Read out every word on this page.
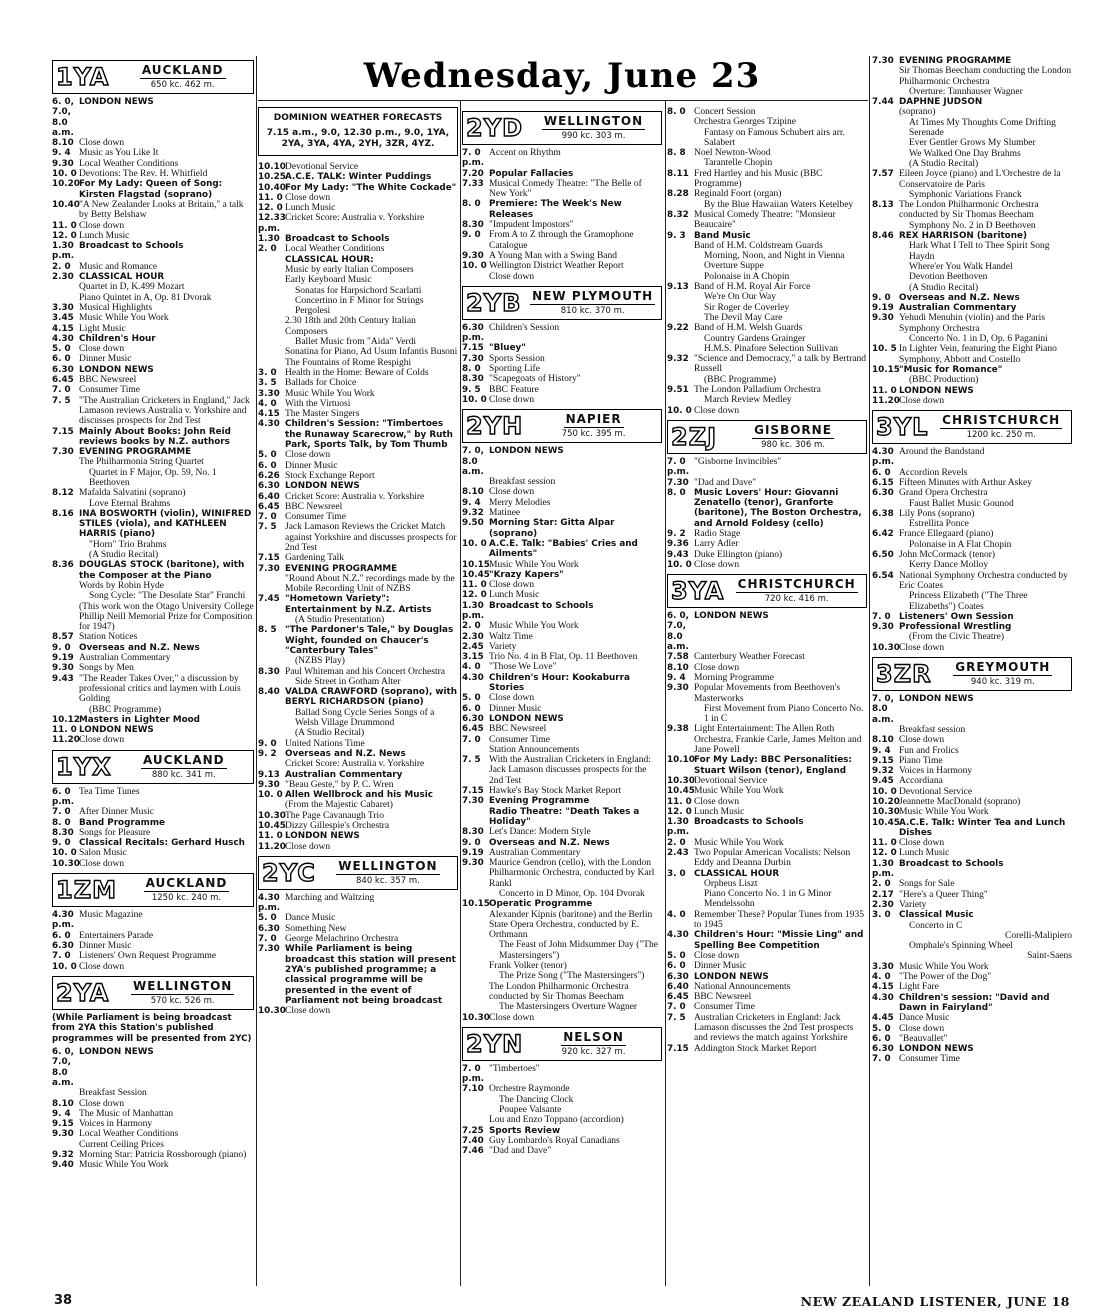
Wednesday, June 23
1YA	AUCKLAND
650 kc. 462 m.
6. 0, 7.0, 8.0 a.m.
LONDON NEWS
8.10 Close down
9. 4 Music as You Like It
9.30 Local Weather Conditions
10. 0 Devotions: The Rev. H. Whitfield
10.20 For My Lady: Queen of Song: Kirsten Flagstad (soprano)
10.40 "A New Zealander Looks at Britain," a talk by Betty Belshaw
11. 0 Close down
12. 0 Lunch Music
1.30 p.m.
Broadcast to Schools
2. 0 Music and Romance
2.30 CLASSICAL HOUR
Quartet in D, K.499 Mozart
Piano Quintet in A, Op. 81 Dvorak
3.30 Musical Highlights
3.45 Music While You Work
4.15 Light Music
4.30 Children's Hour
5. 0 Close down
6. 0 Dinner Music
6.30 LONDON NEWS
6.45 BBC Newsreel
7. 0 Consumer Time
7. 5 "The Australian Cricketers in England," Jack Lamason reviews Australia v. Yorkshire and discusses prospects for 2nd Test
7.15 Mainly About Books: John Reid reviews books by N.Z. authors
7.30 EVENING PROGRAMME
The Philharmonia String Quartet
Quartet in F Major, Op. 59, No. 1 Beethoven
8.12 Mafalda Salvatini (soprano)
Love Eternal Brahms
8.16 INA BOSWORTH (violin), WINIFRED STILES (viola), and KATHLEEN HARRIS (piano)
"Horn" Trio Brahms
(A Studio Recital)
8.36 DOUGLAS STOCK (baritone), with the Composer at the Piano
Words by Robin Hyde
Song Cycle: "The Desolate Star" Franchi
(This work won the Otago University College Phillip Neill Memorial Prize for Composition for 1947)
8.57 Station Notices
9. 0 Overseas and N.Z. News
9.19 Australian Commentary
9.30 Songs by Men
9.43 "The Reader Takes Over," a discussion by professional critics and laymen with Louis Golding
(BBC Programme)
10.12 Masters in Lighter Mood
11. 0 LONDON NEWS
11.20 Close down
1YX	AUCKLAND
880 kc. 341 m.
6. 0 p.m.
Tea Time Tunes
7. 0 After Dinner Music
8. 0 Band Programme
8.30 Songs for Pleasure
9. 0 Classical Recitals: Gerhard Husch
10. 0 Salon Music
10.30 Close down
1ZM AUCKLAND
1250 kc. 240 m.
4.30 p.m.
Music Magazine
6. 0 Entertainers Parade
6.30 Dinner Music
7. 0 Listeners' Own Request Programme
10. 0 Close down
2YA WELLINGTON
570 kc. 526 m.
(While Parliament is being broadcast from 2YA this Station's published programmes will be presented from 2YC)
6. 0, 7.0, 8.0 a.m.
LONDON NEWS
Breakfast Session
8.10 Close down
9. 4 The Music of Manhattan
9.15 Voices in Harmony
9.30 Local Weather Conditions
Current Ceiling Prices
9.32 Morning Star: Patricia Rossborough (piano)
9.40 Music While You Work
DOMINION WEATHER FORECASTS
7.15 a.m., 9.0, 12.30 p.m., 9.0, 1YA, 2YA, 3YA, 4YA, 2YH, 3ZR, 4YZ.
10.10 Devotional Service
10.25 A.C.E. TALK: Winter Puddings
10.40 For My Lady: "The White Cockade"
11. 0 Close down
12. 0 Lunch Music
12.33 p.m.
Cricket Score: Australia v. Yorkshire
1.30 Broadcast to Schools
2. 0 Local Weather Conditions
CLASSICAL HOUR:
Music by early Italian Composers
Early Keyboard Music
Sonatas for Harpsichord Scarlatti
Concertino in F Minor for Strings Pergolesi
2.30 18th and 20th Century Italian Composers
Ballet Music from "Aida" Verdi
Sonatina for Piano, Ad Usum Infantis Busoni
The Fountains of Rome Respighi
3. 0 Health in the Home: Beware of Colds
3. 5 Ballads for Choice
3.30 Music While You Work
4. 0 With the Virtuosi
4.15 The Master Singers
4.30 Children's Session: "Timbertoes the Runaway Scarecrow," by Ruth Park, Sports Talk, by Tom Thumb
5. 0 Close down
6. 0 Dinner Music
6.26 Stock Exchange Report
6.30 LONDON NEWS
6.40 Cricket Score: Australia v. Yorkshire
6.45 BBC Newsreel
7. 0 Consumer Time
7. 5 Jack Lamason Reviews the Cricket Match against Yorkshire and discusses prospects for 2nd Test
7.15 Gardening Talk
7.30 EVENING PROGRAMME
"Round About N.Z." recordings made by the Mobile Recording Unit of NZBS
7.45 "Hometown Variety": Entertainment by N.Z. Artists
(A Studio Presentation)
8. 5 "The Pardoner's Tale," by Douglas Wight, founded on Chaucer's "Canterbury Tales"
(NZBS Play)
8.30 Paul Whiteman and his Concert Orchestra
Side Street in Gotham Alter
8.40 VALDA CRAWFORD (soprano), with BERYL RICHARDSON (piano)
Ballad Song Cycle Series Songs of a Welsh Village Drummond
(A Studio Recital)
9. 0 United Nations Time
9. 2 Overseas and N.Z. News
Cricket Score: Australia v. Yorkshire
9.13 Australian Commentary
9.30 "Beau Geste," by P. C. Wren
10. 0 Allen Wellbrock and his Music
(From the Majestic Cabaret)
10.30 The Page Cavanaugh Trio
10.45 Dizzy Gillespie's Orchestra
11. 0 LONDON NEWS
11.20 Close down
2YC WELLINGTON
840 kc. 357 m.
4.30 p.m.
Marching and Waltzing
5. 0 Dance Music
6.30 Something New
7. 0 George Melachrino Orchestra
7.30 While Parliament is being broadcast this station will present 2YA's published programme; a classical programme will be presented in the event of Parliament not being broadcast
10.30 Close down
2YD WELLINGTON
990 kc. 303 m.
7. 0 p.m.
Accent on Rhythm
7.20 Popular Fallacies
7.33 Musical Comedy Theatre: "The Belle of New York"
8. 0 Premiere: The Week's New Releases
8.30 "Impudent Impostors"
9. 0 From A to Z through the Gramophone Catalogue
9.30 A Young Man with a Swing Band
10. 0 Wellington District Weather Report
Close down
2YB NEW PLYMOUTH
810 kc. 370 m.
6.30 p.m.
Children's Session
7.15 "Bluey"
7.30 Sports Session
8. 0 Sporting Life
8.30 "Scapegoats of History"
9. 5 BBC Feature
10. 0 Close down
2YH	NAPIER
750 kc. 395 m.
7. 0, 8.0 a.m.
LONDON NEWS
Breakfast session
8.10 Close down
9. 4 Merry Melodies
9.32 Matinee
9.50 Morning Star: Gitta Alpar (soprano)
10. 0 A.C.E. Talk: "Babies' Cries and Ailments"
10.15 Music While You Work
10.45 "Krazy Kapers"
11. 0 Close down
12. 0 Lunch Music
1.30 p.m.
Broadcast to Schools
2. 0 Music While You Work
2.30 Waltz Time
2.45 Variety
3.15 Trio No. 4 in B Flat, Op. 11 Beethoven
4. 0 "Those We Love"
4.30 Children's Hour: Kookaburra Stories
5. 0 Close down
6. 0 Dinner Music
6.30 LONDON NEWS
6.45 BBC Newsreel
7. 0 Consumer Time
Station Announcements
7. 5 With the Australian Cricketers in England: Jack Lamason discusses prospects for the 2nd Test
7.15 Hawke's Bay Stock Market Report
7.30 Evening Programme
Radio Theatre: "Death Takes a Holiday"
8.30 Let's Dance: Modern Style
9. 0 Overseas and N.Z. News
9.19 Australian Commentary
9.30 Maurice Gendron (cello), with the London Philharmonic Orchestra, conducted by Karl Rankl
Concerto in D Minor, Op. 104 Dvorak
10.15 Operatic Programme
Alexander Kipnis (baritone) and the Berlin State Opera Orchestra, conducted by E. Orthmann
The Feast of John Midsummer Day ("The Mastersingers")
Frank Volker (tenor)
The Prize Song ("The Mastersingers")
The London Philharmonic Orchestra conducted by Sir Thomas Beecham
The Mastersingers Overture Wagner
10.30 Close down
2YN	NELSON
920 kc. 327 m.
7. 0 p.m.
"Timbertoes"
7.10 Orchestre Raymonde
The Dancing Clock
Poupee Valsante
Lou and Enzo Toppano (accordion)
7.25 Sports Review
7.40 Guy Lombardo's Royal Canadians
7.46 "Dad and Dave"
8. 0 Concert Session
Orchestra Georges Tzipine
Fantasy on Famous Schubert airs arr. Salabert
8. 8 Noel Newton-Wood
Tarantelle Chopin
8.11 Fred Hartley and his Music (BBC Programme)
8.28 Reginald Foort (organ)
By the Blue Hawaiian Waters Ketelbey
8.32 Musical Comedy Theatre: "Monsieur Beaucaire"
9. 3 Band Music
Band of H.M. Coldstream Guards
Morning, Noon, and Night in Vienna Overture Suppe
Polonaise in A Chopin
9.13 Band of H.M. Royal Air Force
We're On Our Way
Sir Roger de Coverley
The Devil May Care
9.22 Band of H.M. Welsh Guards
Country Gardens Grainger
H.M.S. Pinafore Selection Sullivan
9.32 "Science and Democracy," a talk by Bertrand Russell
(BBC Programme)
9.51 The London Palladium Orchestra
March Review Medley
10. 0 Close down
2ZJ	GISBORNE
980 kc. 306 m.
7. 0 p.m.
"Gisborne Invincibles"
7.30 "Dad and Dave"
8. 0 Music Lovers' Hour: Giovanni Zenatello (tenor), Granforte (baritone), The Boston Orchestra, and Arnold Foldesy (cello)
9. 2 Radio Stage
9.36 Larry Adler
9.43 Duke Ellington (piano)
10. 0 Close down
3YA CHRISTCHURCH
720 kc. 416 m.
6. 0, 7.0, 8.0 a.m.
LONDON NEWS
7.58 Canterbury Weather Forecast
8.10 Close down
9. 4 Morning Programme
9.30 Popular Movements from Beethoven's Masterworks
First Movement from Piano Concerto No. 1 in C
9.38 Light Entertainment: The Allen Roth Orchestra, Frankie Carle, James Melton and Jane Powell
10.10 For My Lady: BBC Personalities: Stuart Wilson (tenor), England
10.30 Devotional Service
10.45 Music While You Work
11. 0 Close down
12. 0 Lunch Music
1.30 p.m.
Broadcasts to Schools
2. 0 Music While You Work
2.43 Two Popular American Vocalists: Nelson Eddy and Deanna Durbin
3. 0 CLASSICAL HOUR
Orpheus Liszt
Piano Concerto No. 1 in G Minor Mendelssohn
4. 0 Remember These? Popular Tunes from 1935 to 1945
4.30 Children's Hour: "Missie Ling" and Spelling Bee Competition
5. 0 Close down
6. 0 Dinner Music
6.30 LONDON NEWS
6.40 National Announcements
6.45 BBC Newsreel
7. 0 Consumer Time
7. 5 Australian Cricketers in England: Jack Lamason discusses the 2nd Test prospects and reviews the match against Yorkshire
7.15 Addington Stock Market Report
7.30 EVENING PROGRAMME
Sir Thomas Beecham conducting the London Philharmonic Orchestra
Overture: Tannhauser Wagner
7.44 DAPHNE JUDSON
(soprano)
At Times My Thoughts Come Drifting
Serenade
Ever Gentler Grows My Slumber
We Walked One Day Brahms
(A Studio Recital)
7.57 Eileen Joyce (piano) and L'Orchestre de la Conservatoire de Paris
Symphonic Variations Franck
8.13 The London Philharmonic Orchestra conducted by Sir Thomas Beecham
Symphony No. 2 in D Beethoven
8.46 REX HARRISON (baritone)
Hark What I Tell to Thee Spirit Song Haydn
Where'er You Walk Handel
Devotion Beethoven
(A Studio Recital)
9. 0 Overseas and N.Z. News
9.19 Australian Commentary
9.30 Yehudi Menuhin (violin) and the Paris Symphony Orchestra
Concerto No. 1 in D, Op. 6 Paganini
10. 5 In Lighter Vein, featuring the Eight Piano Symphony, Abbott and Costello
10.15 "Music for Romance"
(BBC Production)
11. 0 LONDON NEWS
11.20 Close down
3YL CHRISTCHURCH
1200 kc. 250 m.
4.30 p.m.
Around the Bandstand
6. 0 Accordion Revels
6.15 Fifteen Minutes with Arthur Askey
6.30 Grand Opera Orchestra
Faust Ballet Music Gounod
6.38 Lily Pons (soprano)
Estrellita Ponce
6.42 France Ellegaard (piano)
Polonaise in A Flat Chopin
6.50 John McCormack (tenor)
Kerry Dance Molloy
6.54 National Symphony Orchestra conducted by Eric Coates
Princess Elizabeth ("The Three Elizabeths") Coates
7. 0 Listeners' Own Session
9.30 Professional Wrestling
(From the Civic Theatre)
10.30 Close down
3ZR GREYMOUTH
940 kc. 319 m.
7. 0, 8.0 a.m.
LONDON NEWS
Breakfast session
8.10 Close down
9. 4 Fun and Frolics
9.15 Piano Time
9.32 Voices in Harmony
9.45 Accordiana
10. 0 Devotional Service
10.20 Jeannette MacDonald (soprano)
10.30 Music While You Work
10.45 A.C.E. Talk: Winter Tea and Lunch Dishes
11. 0 Close down
12. 0 Lunch Music
1.30 p.m.
Broadcast to Schools
2. 0 Songs for Sale
2.17 "Here's a Queer Thing"
2.30 Variety
3. 0 Classical Music
Concerto in C
Corelli-Malipiero
Omphale's Spinning Wheel
Saint-Saens
3.30 Music While You Work
4. 0 "The Power of the Dog"
4.15 Light Fare
4.30 Children's session: "David and Dawn in Fairyland"
4.45 Dance Music
5. 0 Close down
6. 0 "Beauvallet"
6.30 LONDON NEWS
7. 0 Consumer Time
38	NEW ZEALAND LISTENER, JUNE 18
